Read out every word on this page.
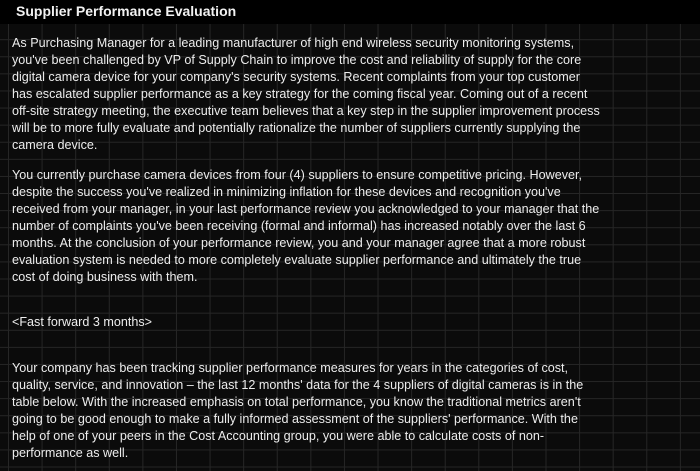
Supplier Performance Evaluation

As Purchasing Manager for a leading manufacturer of high end wireless security monitoring systems,
you've been challenged by VP of Supply Chain to improve the cost and reliability of supply for the core
digital camera device for your company's security systems. Recent complaints from your top customer
has escalated supplier performance as a key strategy for the coming fiscal year. Coming out of a recent
off-site strategy meeting, the executive team believes that a key step in the supplier improvement process
will be to more fully evaluate and potentially rationalize the number of suppliers currently supplying the
camera device.

You currently purchase camera devices from four (4) suppliers to ensure competitive pricing. However,
despite the success you've realized in minimizing inflation for these devices and recognition you've
received from your manager, in your last performance review you acknowledged to your manager that the
number of complaints you've been receiving (formal and informal) has increased notably over the last 6
months. At the conclusion of your performance review, you and your manager agree that a more robust
evaluation system is needed to more completely evaluate supplier performance and ultimately the true
cost of doing business with them.

<Fast forward 3 months>

Your company has been tracking supplier performance measures for years in the categories of cost,
quality, service, and innovation – the last 12 months' data for the 4 suppliers of digital cameras is in the
table below. With the increased emphasis on total performance, you know the traditional metrics aren't
going to be good enough to make a fully informed assessment of the suppliers' performance. With the
help of one of your peers in the Cost Accounting group, you were able to calculate costs of non-
performance as well.
